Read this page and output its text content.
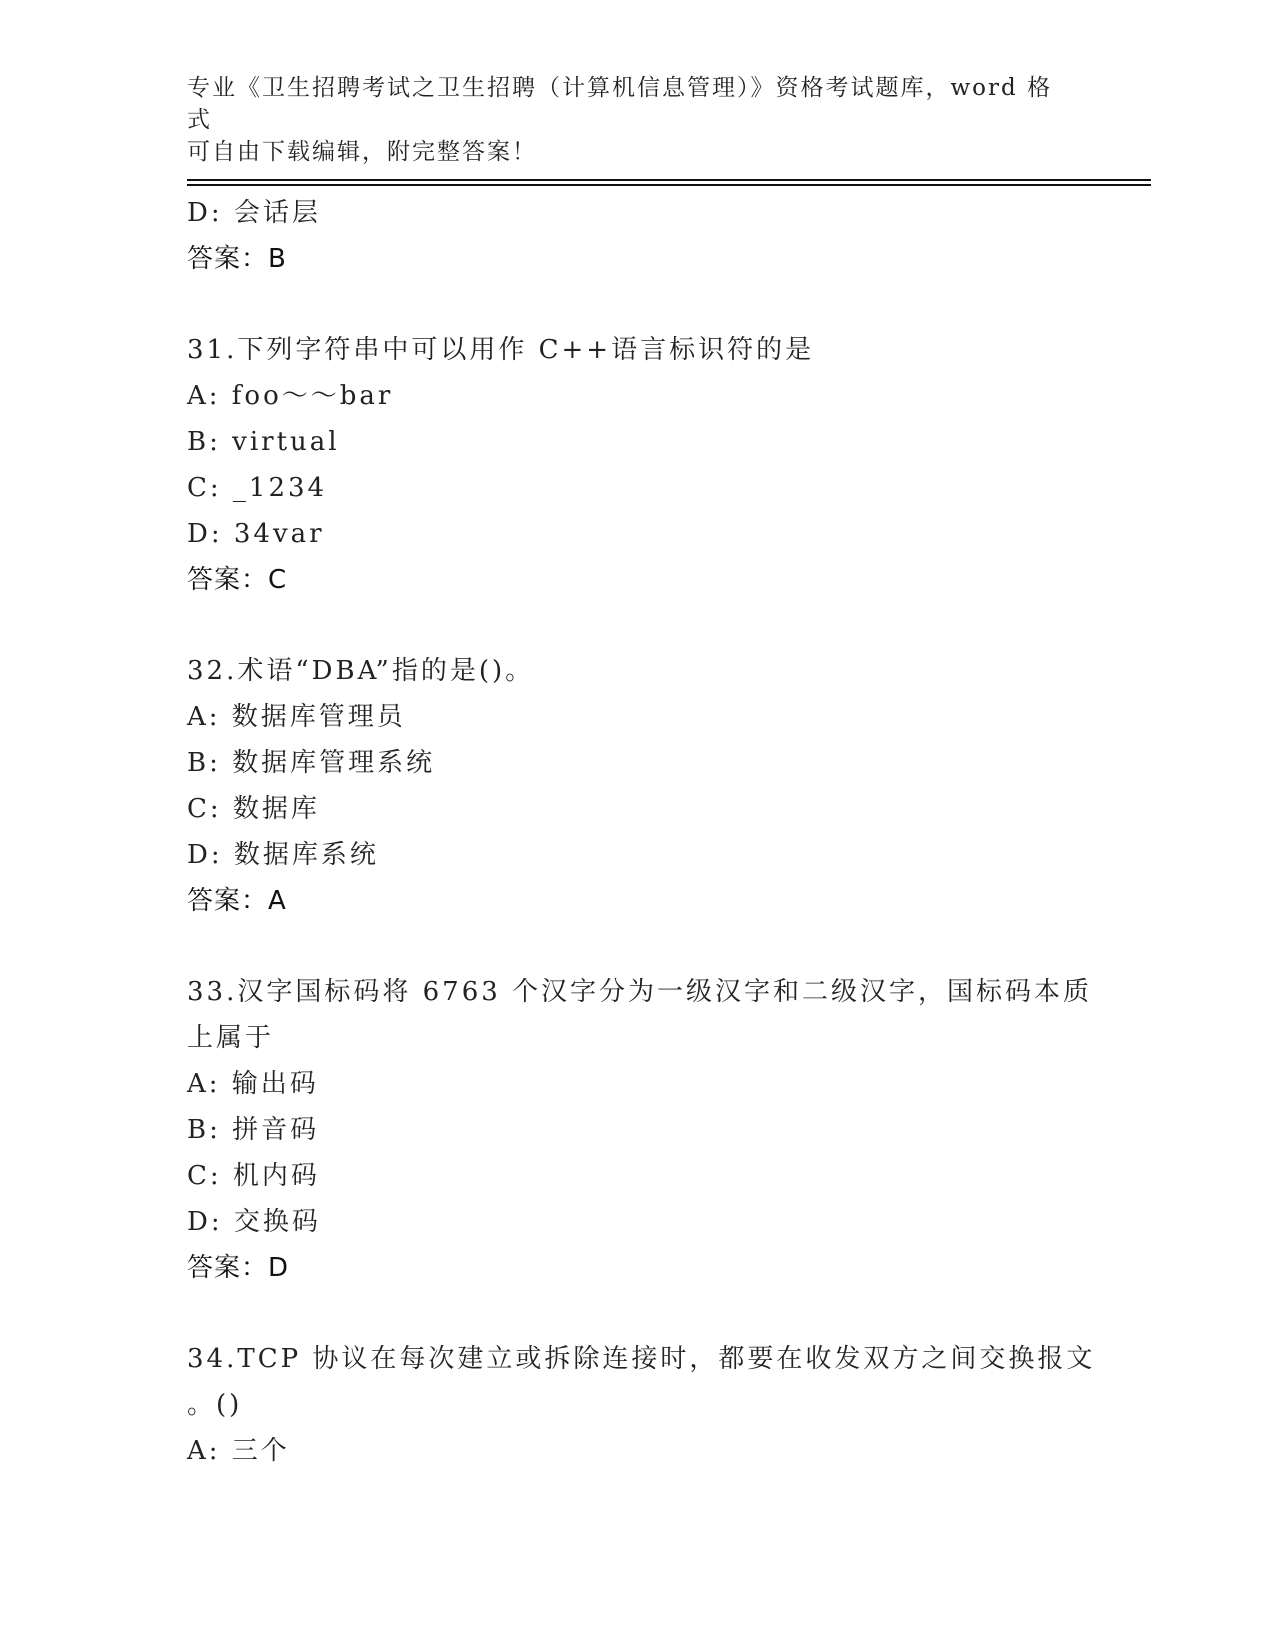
专业《卫生招聘考试之卫生招聘（计算机信息管理）》资格考试题库，word 格式
可自由下载编辑，附完整答案！
D: 会话层
答案：B
31.下列字符串中可以用作 C++语言标识符的是
A: foo～～bar
B: virtual
C: _1234
D: 34var
答案：C
32.术语“DBA”指的是()。
A: 数据库管理员
B: 数据库管理系统
C: 数据库
D: 数据库系统
答案：A
33.汉字国标码将 6763 个汉字分为一级汉字和二级汉字，国标码本质
上属于
A: 输出码
B: 拼音码
C: 机内码
D: 交换码
答案：D
34.TCP 协议在每次建立或拆除连接时，都要在收发双方之间交换报文
。()
A: 三个
